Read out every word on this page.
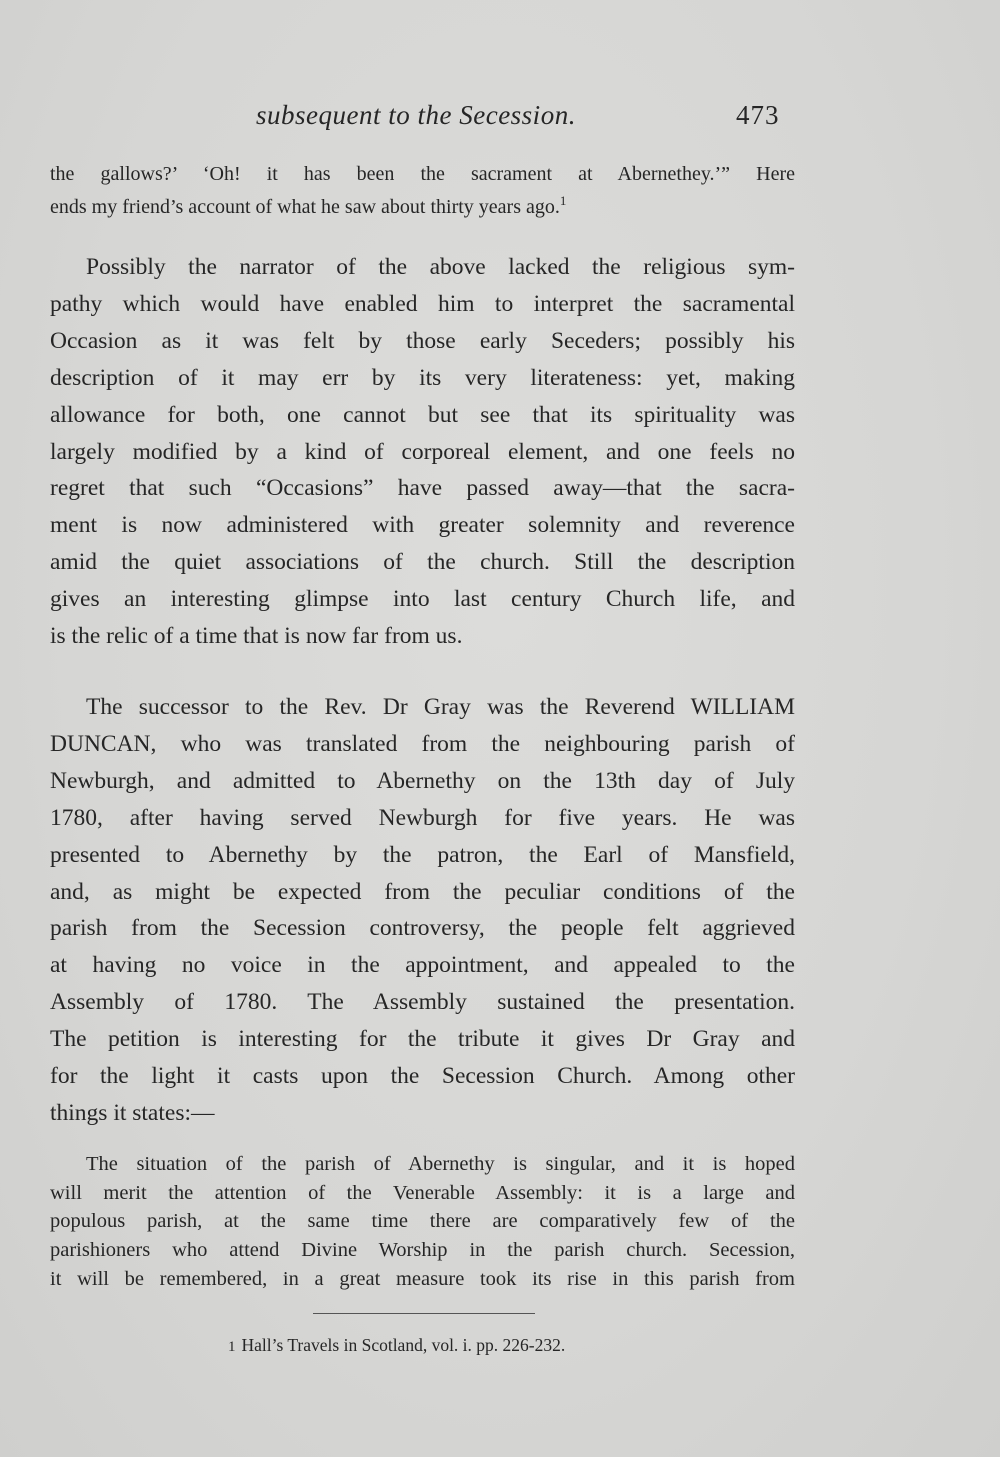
subsequent to the Secession.	473
the gallows?’ ‘Oh! it has been the sacrament at Abernethey.’” Here
ends my friend’s account of what he saw about thirty years ago.$^1$
Possibly the narrator of the above lacked the religious sym-
pathy which would have enabled him to interpret the sacramental
Occasion as it was felt by those early Seceders; possibly his
description of it may err by its very literateness: yet, making
allowance for both, one cannot but see that its spirituality was
largely modified by a kind of corporeal element, and one feels no
regret that such “Occasions” have passed away—that the sacra-
ment is now administered with greater solemnity and reverence
amid the quiet associations of the church. Still the description
gives an interesting glimpse into last century Church life, and
is the relic of a time that is now far from us.
The successor to the Rev. Dr Gray was the Reverend WILLIAM
DUNCAN, who was translated from the neighbouring parish of
Newburgh, and admitted to Abernethy on the 13th day of July
1780, after having served Newburgh for five years. He was
presented to Abernethy by the patron, the Earl of Mansfield,
and, as might be expected from the peculiar conditions of the
parish from the Secession controversy, the people felt aggrieved
at having no voice in the appointment, and appealed to the
Assembly of 1780. The Assembly sustained the presentation.
The petition is interesting for the tribute it gives Dr Gray and
for the light it casts upon the Secession Church. Among other
things it states:—
The situation of the parish of Abernethy is singular, and it is hoped
will merit the attention of the Venerable Assembly: it is a large and
populous parish, at the same time there are comparatively few of the
parishioners who attend Divine Worship in the parish church. Secession,
it will be remembered, in a great measure took its rise in this parish from
1 Hall’s Travels in Scotland, vol. i. pp. 226-232.
